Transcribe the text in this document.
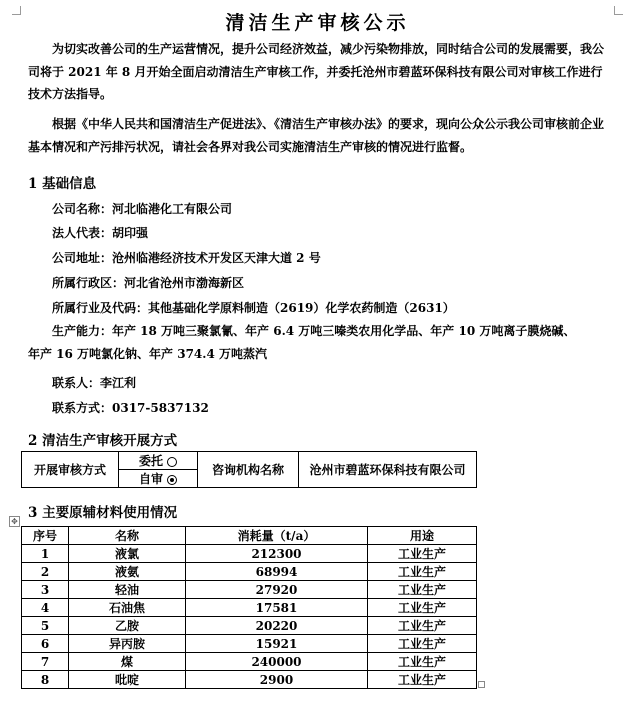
清洁生产审核公示
为切实改善公司的生产运营情况，提升公司经济效益，减少污染物排放，同时结合公司的发展需要，我公司将于 2021 年 8 月开始全面启动清洁生产审核工作，并委托沧州市碧蓝环保科技有限公司对审核工作进行技术方法指导。
根据《中华人民共和国清洁生产促进法》、《清洁生产审核办法》的要求，现向公众公示我公司审核前企业基本情况和产污排污状况，请社会各界对我公司实施清洁生产审核的情况进行监督。
1 基础信息
公司名称：河北临港化工有限公司
法人代表：胡印强
公司地址：沧州临港经济技术开发区天津大道 2 号
所属行政区：河北省沧州市渤海新区
所属行业及代码：其他基础化学原料制造（2619）化学农药制造（2631）
生产能力：年产 18 万吨三聚氯氰、年产 6.4 万吨三嗪类农用化学品、年产 10 万吨离子膜烧碱、年产 16 万吨氯化钠、年产 374.4 万吨蒸汽
联系人：李江利
联系方式：0317-5837132
2 清洁生产审核开展方式
开展审核方式	委托	咨询机构名称	沧州市碧蓝环保科技有限公司
自审
3 主要原辅材料使用情况
✥
序号	名称	消耗量（t/a）	用途
1	液氯	212300	工业生产
2	液氨	68994	工业生产
3	轻油	27920	工业生产
4	石油焦	17581	工业生产
5	乙胺	20220	工业生产
6	异丙胺	15921	工业生产
7	煤	240000	工业生产
8	吡啶	2900	工业生产
